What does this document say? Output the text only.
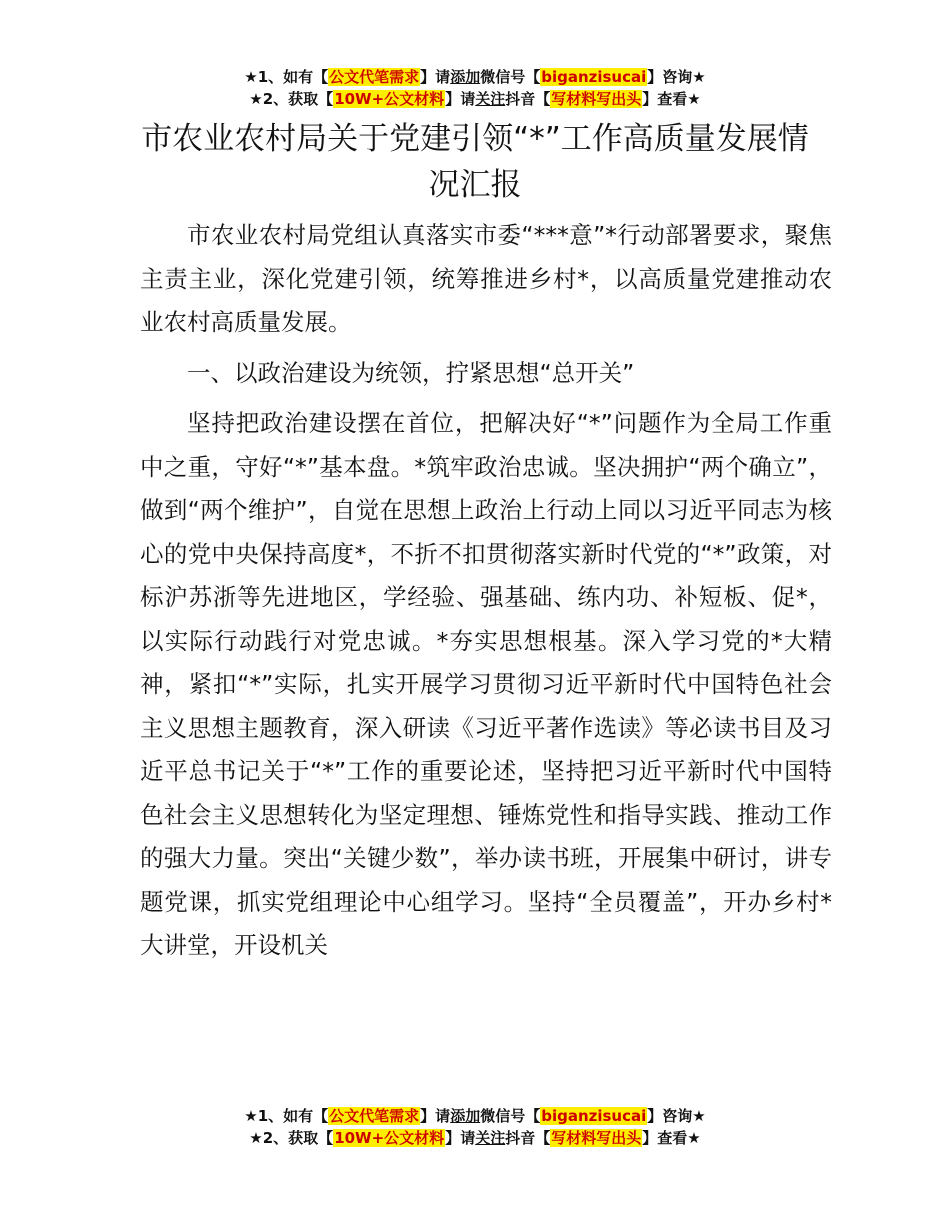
★1、如有【公文代笔需求】请添加微信号【biganzisucai】咨询★
★2、获取【10W+公文材料】请关注抖音【写材料写出头】查看★
市农业农村局关于党建引领“*”工作高质量发展情况汇报

市农业农村局党组认真落实市委“***意”*行动部署要求，聚焦主责主业，深化党建引领，统筹推进乡村*，以高质量党建推动农业农村高质量发展。

一、以政治建设为统领，拧紧思想“总开关”

坚持把政治建设摆在首位，把解决好“*”问题作为全局工作重中之重，守好“*”基本盘。*筑牢政治忠诚。坚决拥护“两个确立”，做到“两个维护”，自觉在思想上政治上行动上同以习近平同志为核心的党中央保持高度*，不折不扣贯彻落实新时代党的“*”政策，对标沪苏浙等先进地区，学经验、强基础、练内功、补短板、促*，以实际行动践行对党忠诚。*夯实思想根基。深入学习党的*大精神，紧扣“*”实际，扎实开展学习贯彻习近平新时代中国特色社会主义思想主题教育，深入研读《习近平著作选读》等必读书目及习近平总书记关于“*”工作的重要论述，坚持把习近平新时代中国特色社会主义思想转化为坚定理想、锤炼党性和指导实践、推动工作的强大力量。突出“关键少数”，举办读书班，开展集中研讨，讲专题党课，抓实党组理论中心组学习。坚持“全员覆盖”，开办乡村*大讲堂，开设机关

★1、如有【公文代笔需求】请添加微信号【biganzisucai】咨询★
★2、获取【10W+公文材料】请关注抖音【写材料写出头】查看★
